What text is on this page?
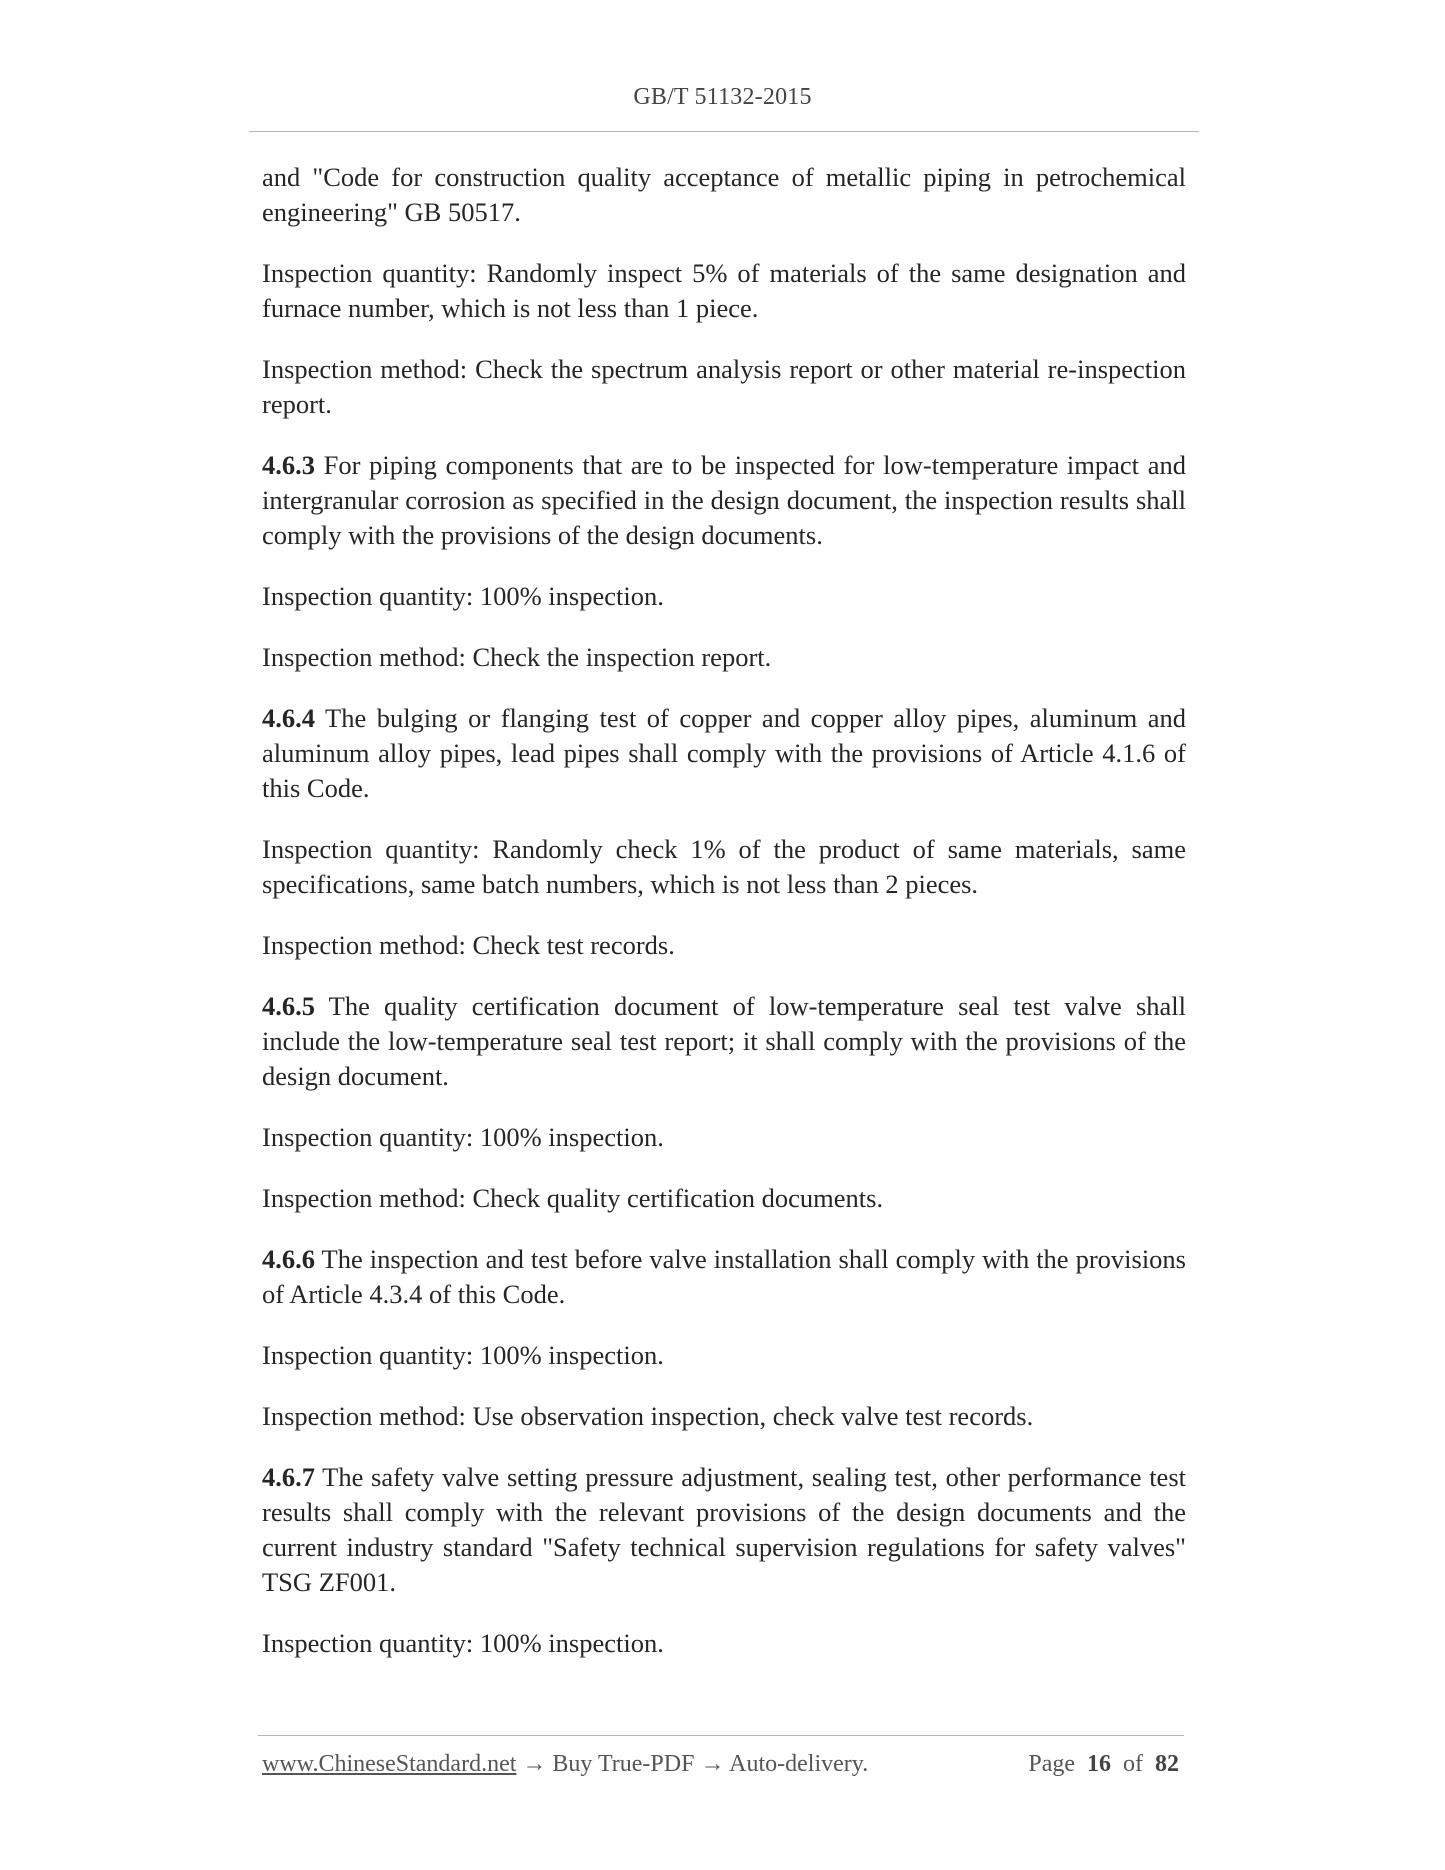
GB/T 51132-2015

and "Code for construction quality acceptance of metallic piping in petrochemical engineering" GB 50517.

Inspection quantity: Randomly inspect 5% of materials of the same designation and furnace number, which is not less than 1 piece.

Inspection method: Check the spectrum analysis report or other material re-inspection report.

4.6.3 For piping components that are to be inspected for low-temperature impact and intergranular corrosion as specified in the design document, the inspection results shall comply with the provisions of the design documents.

Inspection quantity: 100% inspection.

Inspection method: Check the inspection report.

4.6.4 The bulging or flanging test of copper and copper alloy pipes, aluminum and aluminum alloy pipes, lead pipes shall comply with the provisions of Article 4.1.6 of this Code.

Inspection quantity: Randomly check 1% of the product of same materials, same specifications, same batch numbers, which is not less than 2 pieces.

Inspection method: Check test records.

4.6.5 The quality certification document of low-temperature seal test valve shall include the low-temperature seal test report; it shall comply with the provisions of the design document.

Inspection quantity: 100% inspection.

Inspection method: Check quality certification documents.

4.6.6 The inspection and test before valve installation shall comply with the provisions of Article 4.3.4 of this Code.

Inspection quantity: 100% inspection.

Inspection method: Use observation inspection, check valve test records.

4.6.7 The safety valve setting pressure adjustment, sealing test, other performance test results shall comply with the relevant provisions of the design documents and the current industry standard "Safety technical supervision regulations for safety valves" TSG ZF001.

Inspection quantity: 100% inspection.

www.ChineseStandard.net → Buy True-PDF → Auto-delivery.	Page 16 of 82
